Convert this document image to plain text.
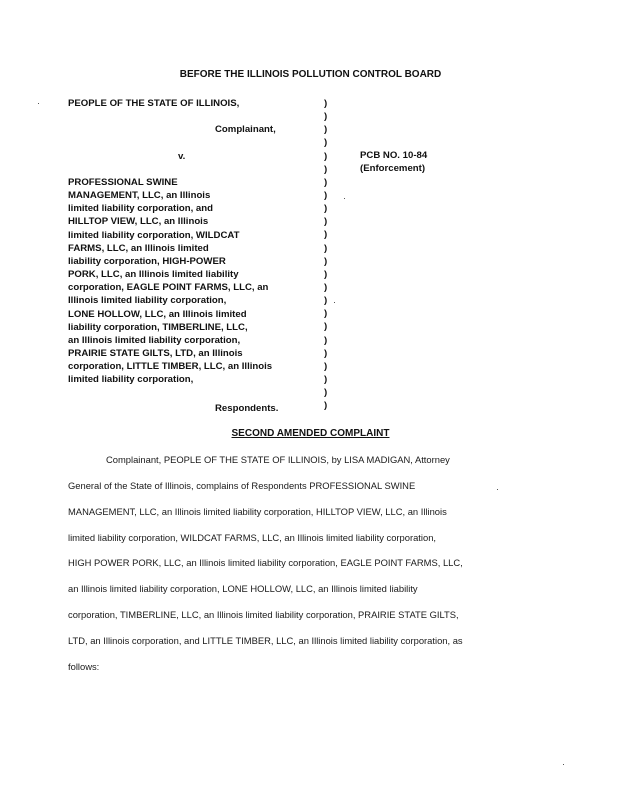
BEFORE THE ILLINOIS POLLUTION CONTROL BOARD
PEOPLE OF THE STATE OF ILLINOIS,
Complainant,
v.
PROFESSIONAL SWINE
MANAGEMENT, LLC, an Illinois
limited liability corporation, and
HILLTOP VIEW, LLC, an Illinois
limited liability corporation, WILDCAT
FARMS, LLC, an Illinois limited
liability corporation, HIGH-POWER
PORK, LLC, an Illinois limited liability
corporation, EAGLE POINT FARMS, LLC, an
Illinois limited liability corporation,
LONE HOLLOW, LLC, an Illinois limited
liability corporation, TIMBERLINE, LLC,
an Illinois limited liability corporation,
PRAIRIE STATE GILTS, LTD, an Illinois
corporation, LITTLE TIMBER, LLC, an Illinois
limited liability corporation,
Respondents.
)
)
)
)
)
)
)
)
)
)
)
)
)
)
)
)
)
)
)
)
)
)
)
)
PCB NO. 10-84
(Enforcement)
SECOND AMENDED COMPLAINT
Complainant, PEOPLE OF THE STATE OF ILLINOIS, by LISA MADIGAN, Attorney
General of the State of Illinois, complains of Respondents PROFESSIONAL SWINE
MANAGEMENT, LLC, an Illinois limited liability corporation, HILLTOP VIEW, LLC, an Illinois
limited liability corporation, WILDCAT FARMS, LLC, an Illinois limited liability corporation,
HIGH POWER PORK, LLC, an Illinois limited liability corporation, EAGLE POINT FARMS, LLC,
an Illinois limited liability corporation, LONE HOLLOW, LLC, an Illinois limited liability
corporation, TIMBERLINE, LLC, an Illinois limited liability corporation, PRAIRIE STATE GILTS,
LTD, an Illinois corporation, and LITTLE TIMBER, LLC, an Illinois limited liability corporation, as
follows:
